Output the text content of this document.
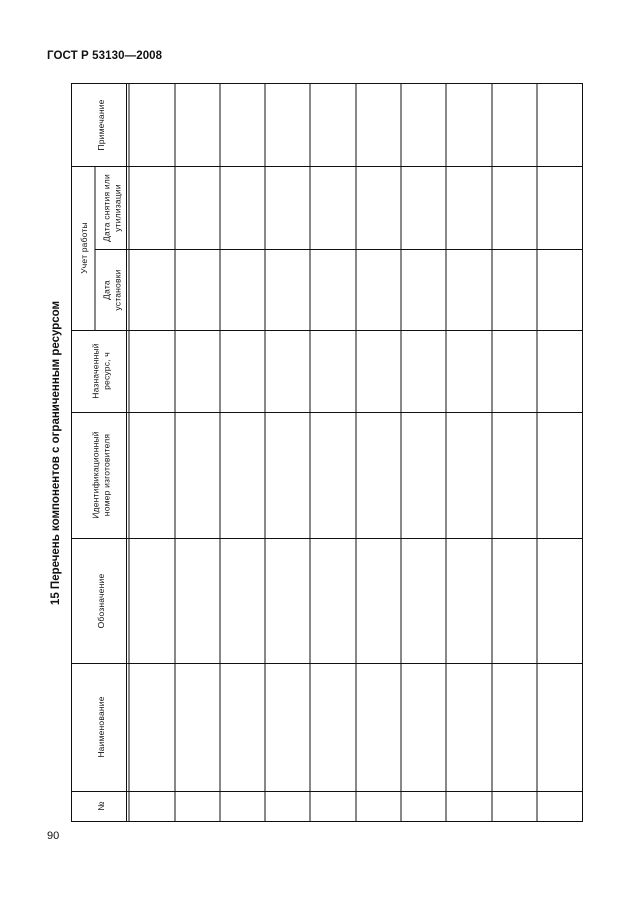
ГОСТ Р 53130—2008
15 Перечень компонентов с ограниченным ресурсом
№
Наименование
Обозначение
Идентификационный номер изготовителя
Назначенный ресурс, ч
Учет работы
Дата установки
Дата снятия или утилизации
Примечание
90
